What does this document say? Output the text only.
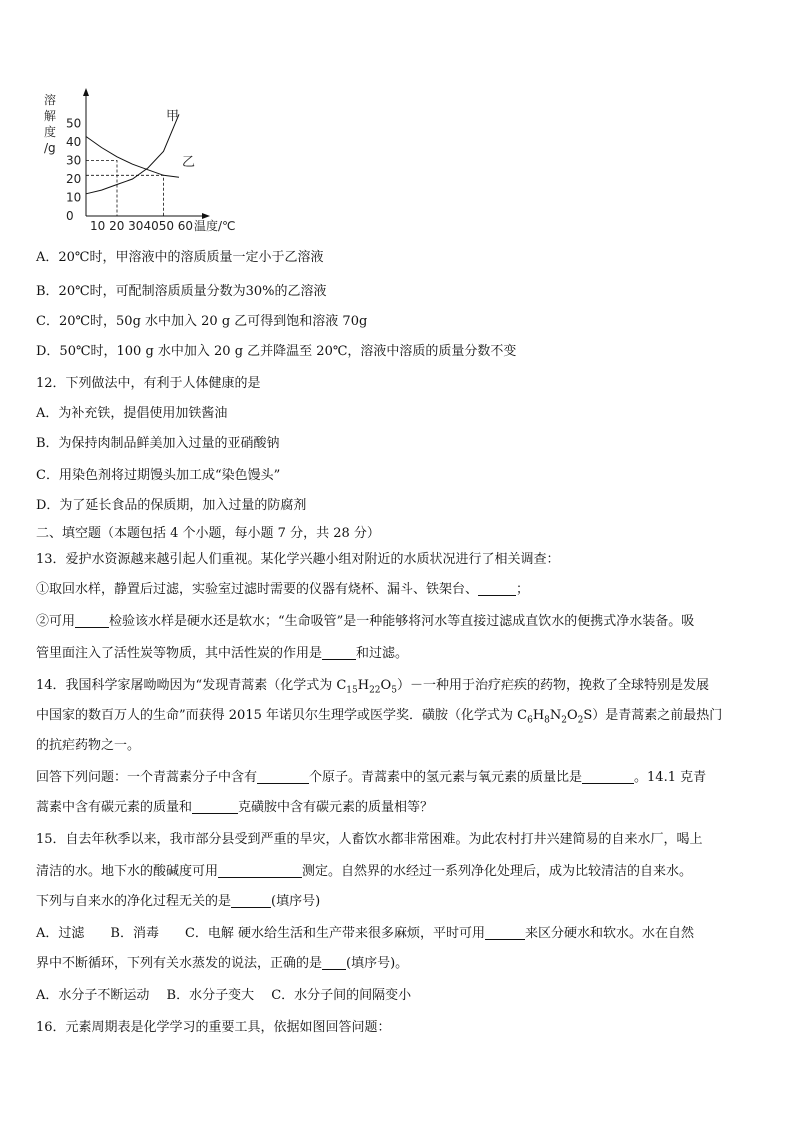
溶
解
度
/g
0
10
20
30
40
50	甲
乙
10 20 304050 60 温度/℃
A．20℃时，甲溶液中的溶质质量一定小于乙溶液
B．20℃时，可配制溶质质量分数为30%的乙溶液
C．20℃时，50g 水中加入 20 g 乙可得到饱和溶液 70g
D．50℃时，100 g 水中加入 20 g 乙并降温至 20℃，溶液中溶质的质量分数不变
12．下列做法中，有利于人体健康的是
A．为补充铁，提倡使用加铁酱油
B．为保持肉制品鲜美加入过量的亚硝酸钠
C．用染色剂将过期馒头加工成“染色馒头”
D．为了延长食品的保质期，加入过量的防腐剂
二、填空题（本题包括 4 个小题，每小题 7 分，共 28 分）
13．爱护水资源越来越引起人们重视。某化学兴趣小组对附近的水质状况进行了相关调查：
①取回水样，静置后过滤，实验室过滤时需要的仪器有烧杯、漏斗、铁架台、	；
②可用	检验该水样是硬水还是软水；“生命吸管”是一种能够将河水等直接过滤成直饮水的便携式净水装备。吸
管里面注入了活性炭等物质，其中活性炭的作用是	和过滤。
14．我国科学家屠呦呦因为“发现青蒿素（化学式为 $C_{15}H_{22}O_5)-$一种用于治疗疟疾的药物，挽救了全球特别是发展
中国家的数百万人的生命”而获得 2015 年诺贝尔生理学或医学奖．磺胺（化学式为 $C_6H_8N_2O_2S$）是青蒿素之前最热门
的抗疟药物之一。
回答下列问题：一个青蒿素分子中含有	个原子。青蒿素中的氢元素与氧元素的质量比是	。14.1 克青
蒿素中含有碳元素的质量和	克磺胺中含有碳元素的质量相等？
15．自去年秋季以来，我市部分县受到严重的旱灾，人畜饮水都非常困难。为此农村打井兴建简易的自来水厂，喝上
清洁的水。地下水的酸碱度可用	测定。自然界的水经过一系列净化处理后，成为比较清洁的自来水。
下列与自来水的净化过程无关的是	(填序号)
A．过滤　　B．消毒　　C．电解 硬水给生活和生产带来很多麻烦，平时可用	来区分硬水和软水。水在自然
界中不断循环，下列有关水蒸发的说法，正确的是 (填序号)。
A．水分子不断运动　 B．水分子变大　 C．水分子间的间隔变小
16．元素周期表是化学学习的重要工具，依据如图回答问题：
